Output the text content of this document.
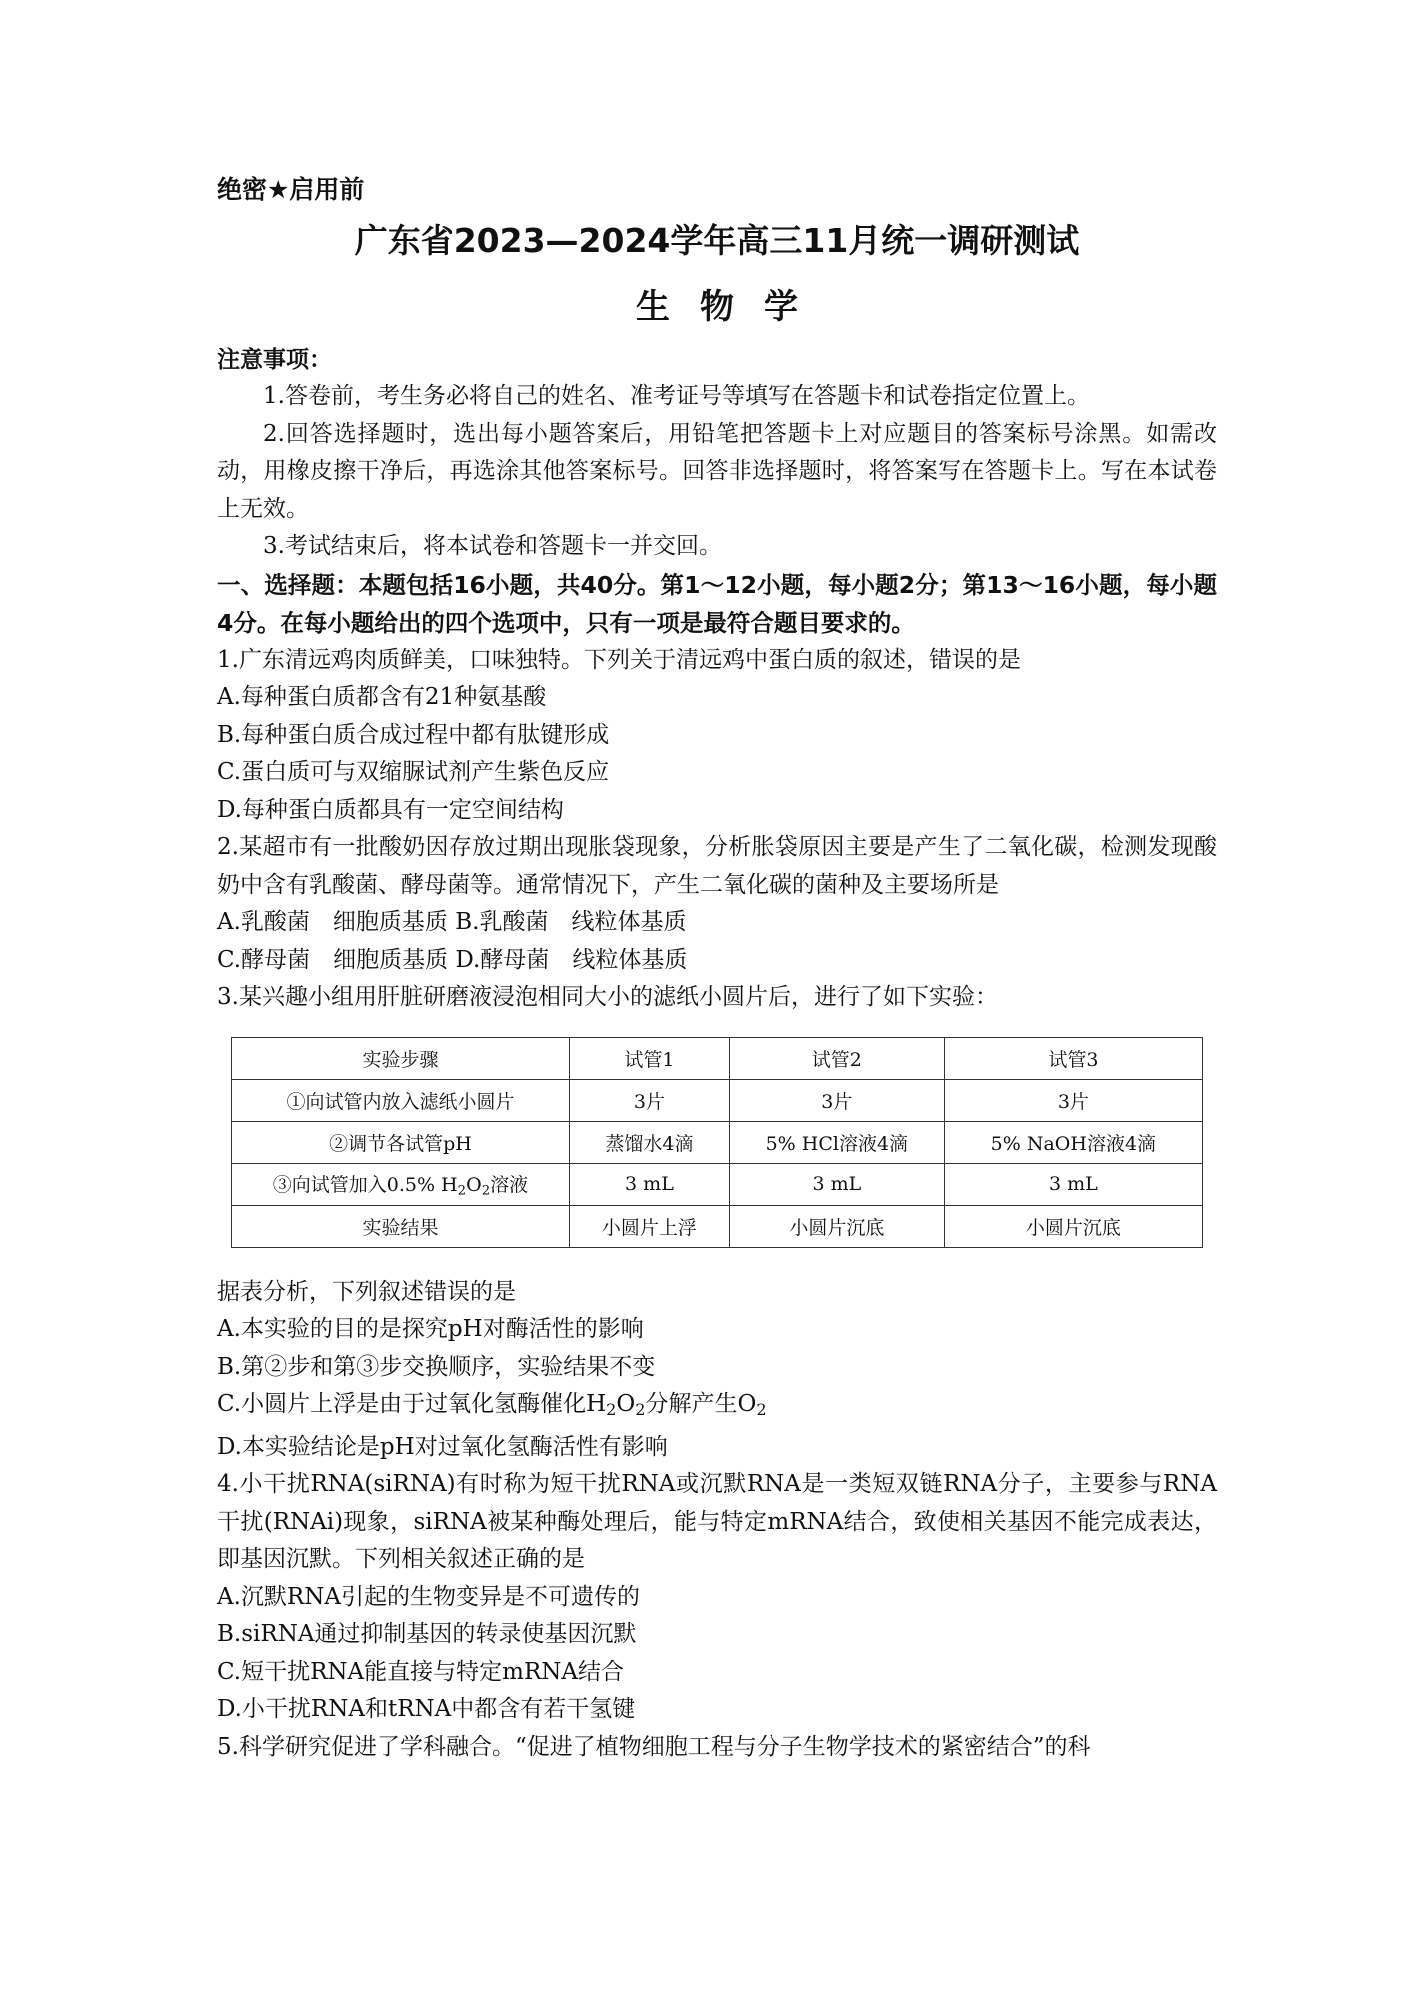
绝密★启用前

广东省2023—2024学年高三11月统一调研测试

生物学

注意事项：

1.答卷前，考生务必将自己的姓名、准考证号等填写在答题卡和试卷指定位置上。

2.回答选择题时，选出每小题答案后，用铅笔把答题卡上对应题目的答案标号涂黑。如需改动，用橡皮擦干净后，再选涂其他答案标号。回答非选择题时，将答案写在答题卡上。写在本试卷上无效。

3.考试结束后，将本试卷和答题卡一并交回。

一、选择题：本题包括16小题，共40分。第1～12小题，每小题2分；第13～16小题，每小题4分。在每小题给出的四个选项中，只有一项是最符合题目要求的。

1.广东清远鸡肉质鲜美，口味独特。下列关于清远鸡中蛋白质的叙述，错误的是

A.每种蛋白质都含有21种氨基酸

B.每种蛋白质合成过程中都有肽键形成

C.蛋白质可与双缩脲试剂产生紫色反应

D.每种蛋白质都具有一定空间结构

2.某超市有一批酸奶因存放过期出现胀袋现象，分析胀袋原因主要是产生了二氧化碳，检测发现酸奶中含有乳酸菌、酵母菌等。通常情况下，产生二氧化碳的菌种及主要场所是

A.乳酸菌　细胞质基质 B.乳酸菌　线粒体基质

C.酵母菌　细胞质基质 D.酵母菌　线粒体基质

3.某兴趣小组用肝脏研磨液浸泡相同大小的滤纸小圆片后，进行了如下实验：

实验步骤	试管1	试管2	试管3
①向试管内放入滤纸小圆片	3片	3片	3片
②调节各试管pH	蒸馏水4滴	5% HCl溶液4滴	5% NaOH溶液4滴
③向试管加入0.5% $H_2O_2$溶液	3 mL	3 mL	3 mL
实验结果	小圆片上浮	小圆片沉底	小圆片沉底

据表分析，下列叙述错误的是

A.本实验的目的是探究pH对酶活性的影响

B.第②步和第③步交换顺序，实验结果不变

C.小圆片上浮是由于过氧化氢酶催化$H_2O_2$分解产生$O_2$

D.本实验结论是pH对过氧化氢酶活性有影响

4.小干扰RNA(siRNA)有时称为短干扰RNA或沉默RNA是一类短双链RNA分子，主要参与RNA干扰(RNAi)现象，siRNA被某种酶处理后，能与特定mRNA结合，致使相关基因不能完成表达，即基因沉默。下列相关叙述正确的是

A.沉默RNA引起的生物变异是不可遗传的

B.siRNA通过抑制基因的转录使基因沉默

C.短干扰RNA能直接与特定mRNA结合

D.小干扰RNA和tRNA中都含有若干氢键

5.科学研究促进了学科融合。“促进了植物细胞工程与分子生物学技术的紧密结合”的科
